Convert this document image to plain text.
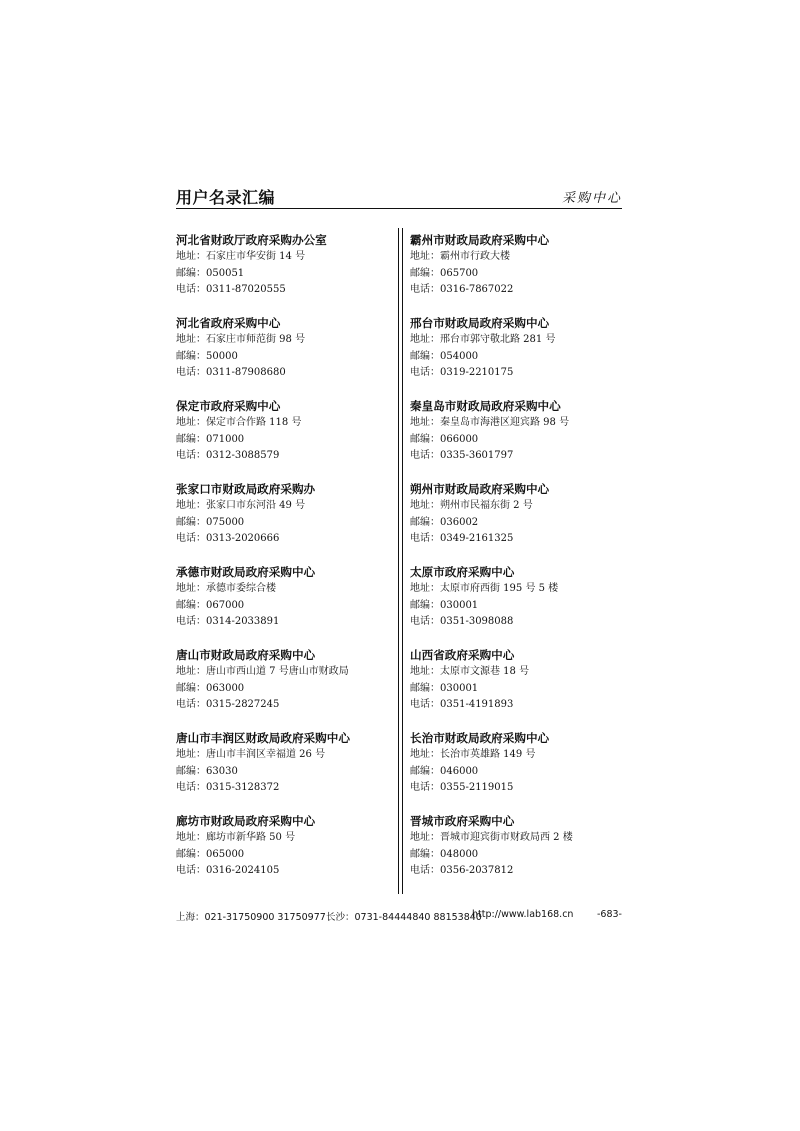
用户名录汇编	采购中心
河北省财政厅政府采购办公室
地址：石家庄市华安街 14 号
邮编：050051
电话：0311-87020555
河北省政府采购中心
地址：石家庄市师范街 98 号
邮编：50000
电话：0311-87908680
保定市政府采购中心
地址：保定市合作路 118 号
邮编：071000
电话：0312-3088579
张家口市财政局政府采购办
地址：张家口市东河沿 49 号
邮编：075000
电话：0313-2020666
承德市财政局政府采购中心
地址：承德市委综合楼
邮编：067000
电话：0314-2033891
唐山市财政局政府采购中心
地址：唐山市西山道 7 号唐山市财政局
邮编：063000
电话：0315-2827245
唐山市丰润区财政局政府采购中心
地址：唐山市丰润区幸福道 26 号
邮编：63030
电话：0315-3128372
廊坊市财政局政府采购中心
地址：廊坊市新华路 50 号
邮编：065000
电话：0316-2024105
霸州市财政局政府采购中心
地址：霸州市行政大楼
邮编：065700
电话：0316-7867022
邢台市财政局政府采购中心
地址：邢台市郭守敬北路 281 号
邮编：054000
电话：0319-2210175
秦皇岛市财政局政府采购中心
地址：秦皇岛市海港区迎宾路 98 号
邮编：066000
电话：0335-3601797
朔州市财政局政府采购中心
地址：朔州市民福东街 2 号
邮编：036002
电话：0349-2161325
太原市政府采购中心
地址：太原市府西街 195 号 5 楼
邮编：030001
电话：0351-3098088
山西省政府采购中心
地址：太原市文源巷 18 号
邮编：030001
电话：0351-4191893
长治市财政局政府采购中心
地址：长治市英雄路 149 号
邮编：046000
电话：0355-2119015
晋城市政府采购中心
地址：晋城市迎宾街市财政局西 2 楼
邮编：048000
电话：0356-2037812
上海：021-31750900 31750977 长沙：0731-84444840 88153840
http://www.lab168.cn -683-
